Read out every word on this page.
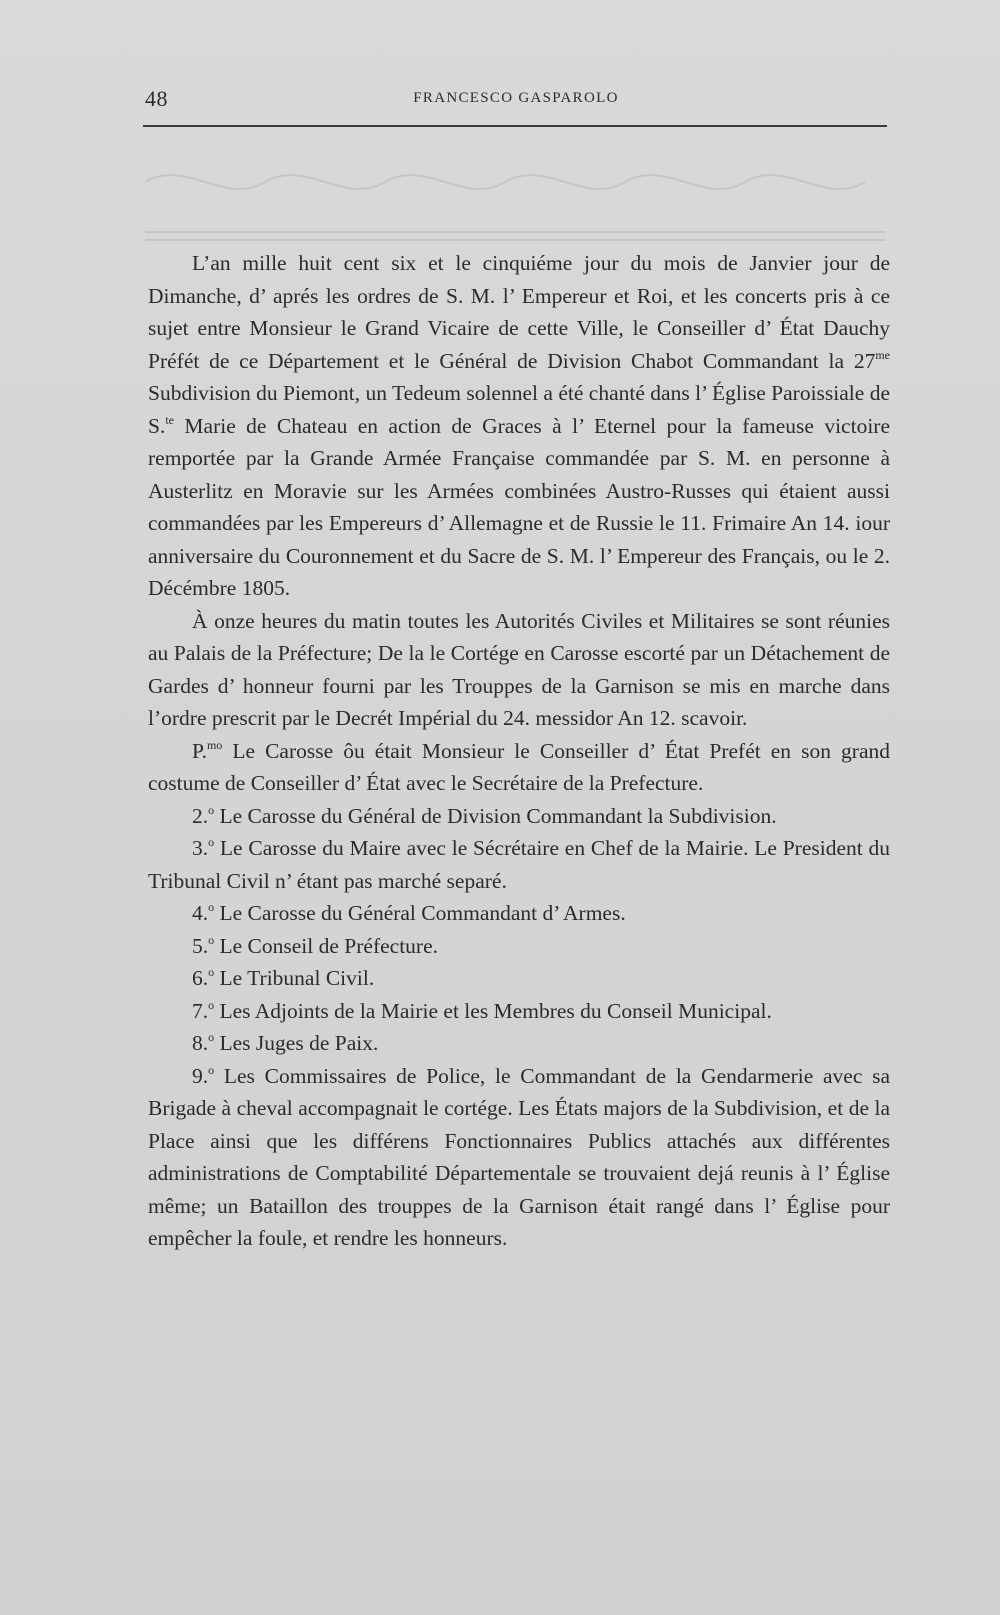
48	FRANCESCO GASPAROLO

L’an mille huit cent six et le cinquiéme jour du mois de Janvier jour de Dimanche, d’ aprés les ordres de S. M. l’ Empereur et Roi, et les concerts pris à ce sujet entre Monsieur le Grand Vicaire de cette Ville, le Conseiller d’ État Dauchy Préfét de ce Département et le Général de Division Chabot Commandant la $27^{me}$ Subdivision du Piemont, un Tedeum solennel a été chanté dans l’ Église Paroissiale de S.$^{te}$ Marie de Chateau en action de Graces à l’ Eternel pour la fameuse victoire remportée par la Grande Armée Française commandée par S. M. en personne à Austerlitz en Moravie sur les Armées combinées Austro-Russes qui étaient aussi commandées par les Empereurs d’ Allemagne et de Russie le 11. Frimaire An 14. iour anniversaire du Couronnement et du Sacre de S. M. l’ Empereur des Français, ou le 2. Décémbre 1805.

À onze heures du matin toutes les Autorités Civiles et Militaires se sont réunies au Palais de la Préfecture; De la le Cortége en Carosse escorté par un Détachement de Gardes d’ honneur fourni par les Trouppes de la Garnison se mis en marche dans l’ordre prescrit par le Decrét Impérial du 24. messidor An 12. scavoir.

P.$^{mo}$ Le Carosse ôu était Monsieur le Conseiller d’ État Prefét en son grand costume de Conseiller d’ État avec le Secrétaire de la Prefecture.

2.$^o$ Le Carosse du Général de Division Commandant la Subdivision.

3.$^o$ Le Carosse du Maire avec le Sécrétaire en Chef de la Mairie. Le President du Tribunal Civil n’ étant pas marché separé.

4.$^o$ Le Carosse du Général Commandant d’ Armes.

5.$^o$ Le Conseil de Préfecture.

6.$^o$ Le Tribunal Civil.

7.$^o$ Les Adjoints de la Mairie et les Membres du Conseil Municipal.

8.$^o$ Les Juges de Paix.

9.$^o$ Les Commissaires de Police, le Commandant de la Gendarmerie avec sa Brigade à cheval accompagnait le cortége. Les États majors de la Subdivision, et de la Place ainsi que les différens Fonctionnaires Publics attachés aux différentes administrations de Comptabilité Départementale se trouvaient dejá reunis à l’ Église même; un Bataillon des trouppes de la Garnison était rangé dans l’ Église pour empêcher la foule, et rendre les honneurs.
